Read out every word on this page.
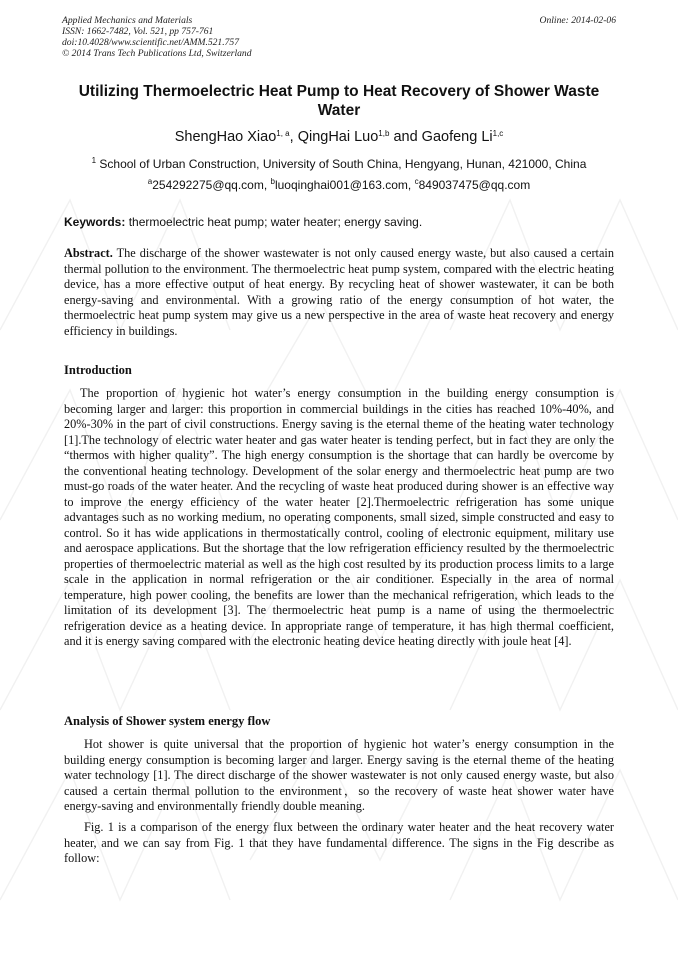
Applied Mechanics and Materials
ISSN: 1662-7482, Vol. 521, pp 757-761
doi:10.4028/www.scientific.net/AMM.521.757
© 2014 Trans Tech Publications Ltd, Switzerland
Online: 2014-02-06
Utilizing Thermoelectric Heat Pump to Heat Recovery of Shower Waste Water
ShengHao Xiao$^{1, a}$, QingHai Luo$^{1,b}$ and Gaofeng Li$^{1,c}$
$^1$ School of Urban Construction, University of South China, Hengyang, Hunan, 421000, China
$^a$254292275@qq.com, $^b$luoqinghai001@163.com, $^c$849037475@qq.com
Keywords: thermoelectric heat pump; water heater; energy saving.
Abstract. The discharge of the shower wastewater is not only caused energy waste, but also caused a certain thermal pollution to the environment. The thermoelectric heat pump system, compared with the electric heating device, has a more effective output of heat energy. By recycling heat of shower wastewater, it can be both energy-saving and environmental. With a growing ratio of the energy consumption of hot water, the thermoelectric heat pump system may give us a new perspective in the area of waste heat recovery and energy efficiency in buildings.
Introduction
The proportion of hygienic hot water’s energy consumption in the building energy consumption is becoming larger and larger: this proportion in commercial buildings in the cities has reached 10%-40%, and 20%-30% in the part of civil constructions. Energy saving is the eternal theme of the heating water technology [1].The technology of electric water heater and gas water heater is tending perfect, but in fact they are only the “thermos with higher quality”. The high energy consumption is the shortage that can hardly be overcome by the conventional heating technology. Development of the solar energy and thermoelectric heat pump are two must-go roads of the water heater. And the recycling of waste heat produced during shower is an effective way to improve the energy efficiency of the water heater [2].Thermoelectric refrigeration has some unique advantages such as no working medium, no operating components, small sized, simple constructed and easy to control. So it has wide applications in thermostatically control, cooling of electronic equipment, military use and aerospace applications. But the shortage that the low refrigeration efficiency resulted by the thermoelectric properties of thermoelectric material as well as the high cost resulted by its production process limits to a large scale in the application in normal refrigeration or the air conditioner. Especially in the area of normal temperature, high power cooling, the benefits are lower than the mechanical refrigeration, which leads to the limitation of its development [3]. The thermoelectric heat pump is a name of using the thermoelectric refrigeration device as a heating device. In appropriate range of temperature, it has high thermal coefficient, and it is energy saving compared with the electronic heating device heating directly with joule heat [4].
Analysis of Shower system energy flow
Hot shower is quite universal that the proportion of hygienic hot water’s energy consumption in the building energy consumption is becoming larger and larger. Energy saving is the eternal theme of the heating water technology [1]. The direct discharge of the shower wastewater is not only caused energy waste, but also caused a certain thermal pollution to the environment，so the recovery of waste heat shower water have energy-saving and environmentally friendly double meaning.
Fig. 1 is a comparison of the energy flux between the ordinary water heater and the heat recovery water heater, and we can say from Fig. 1 that they have fundamental difference. The signs in the Fig describe as follow:
